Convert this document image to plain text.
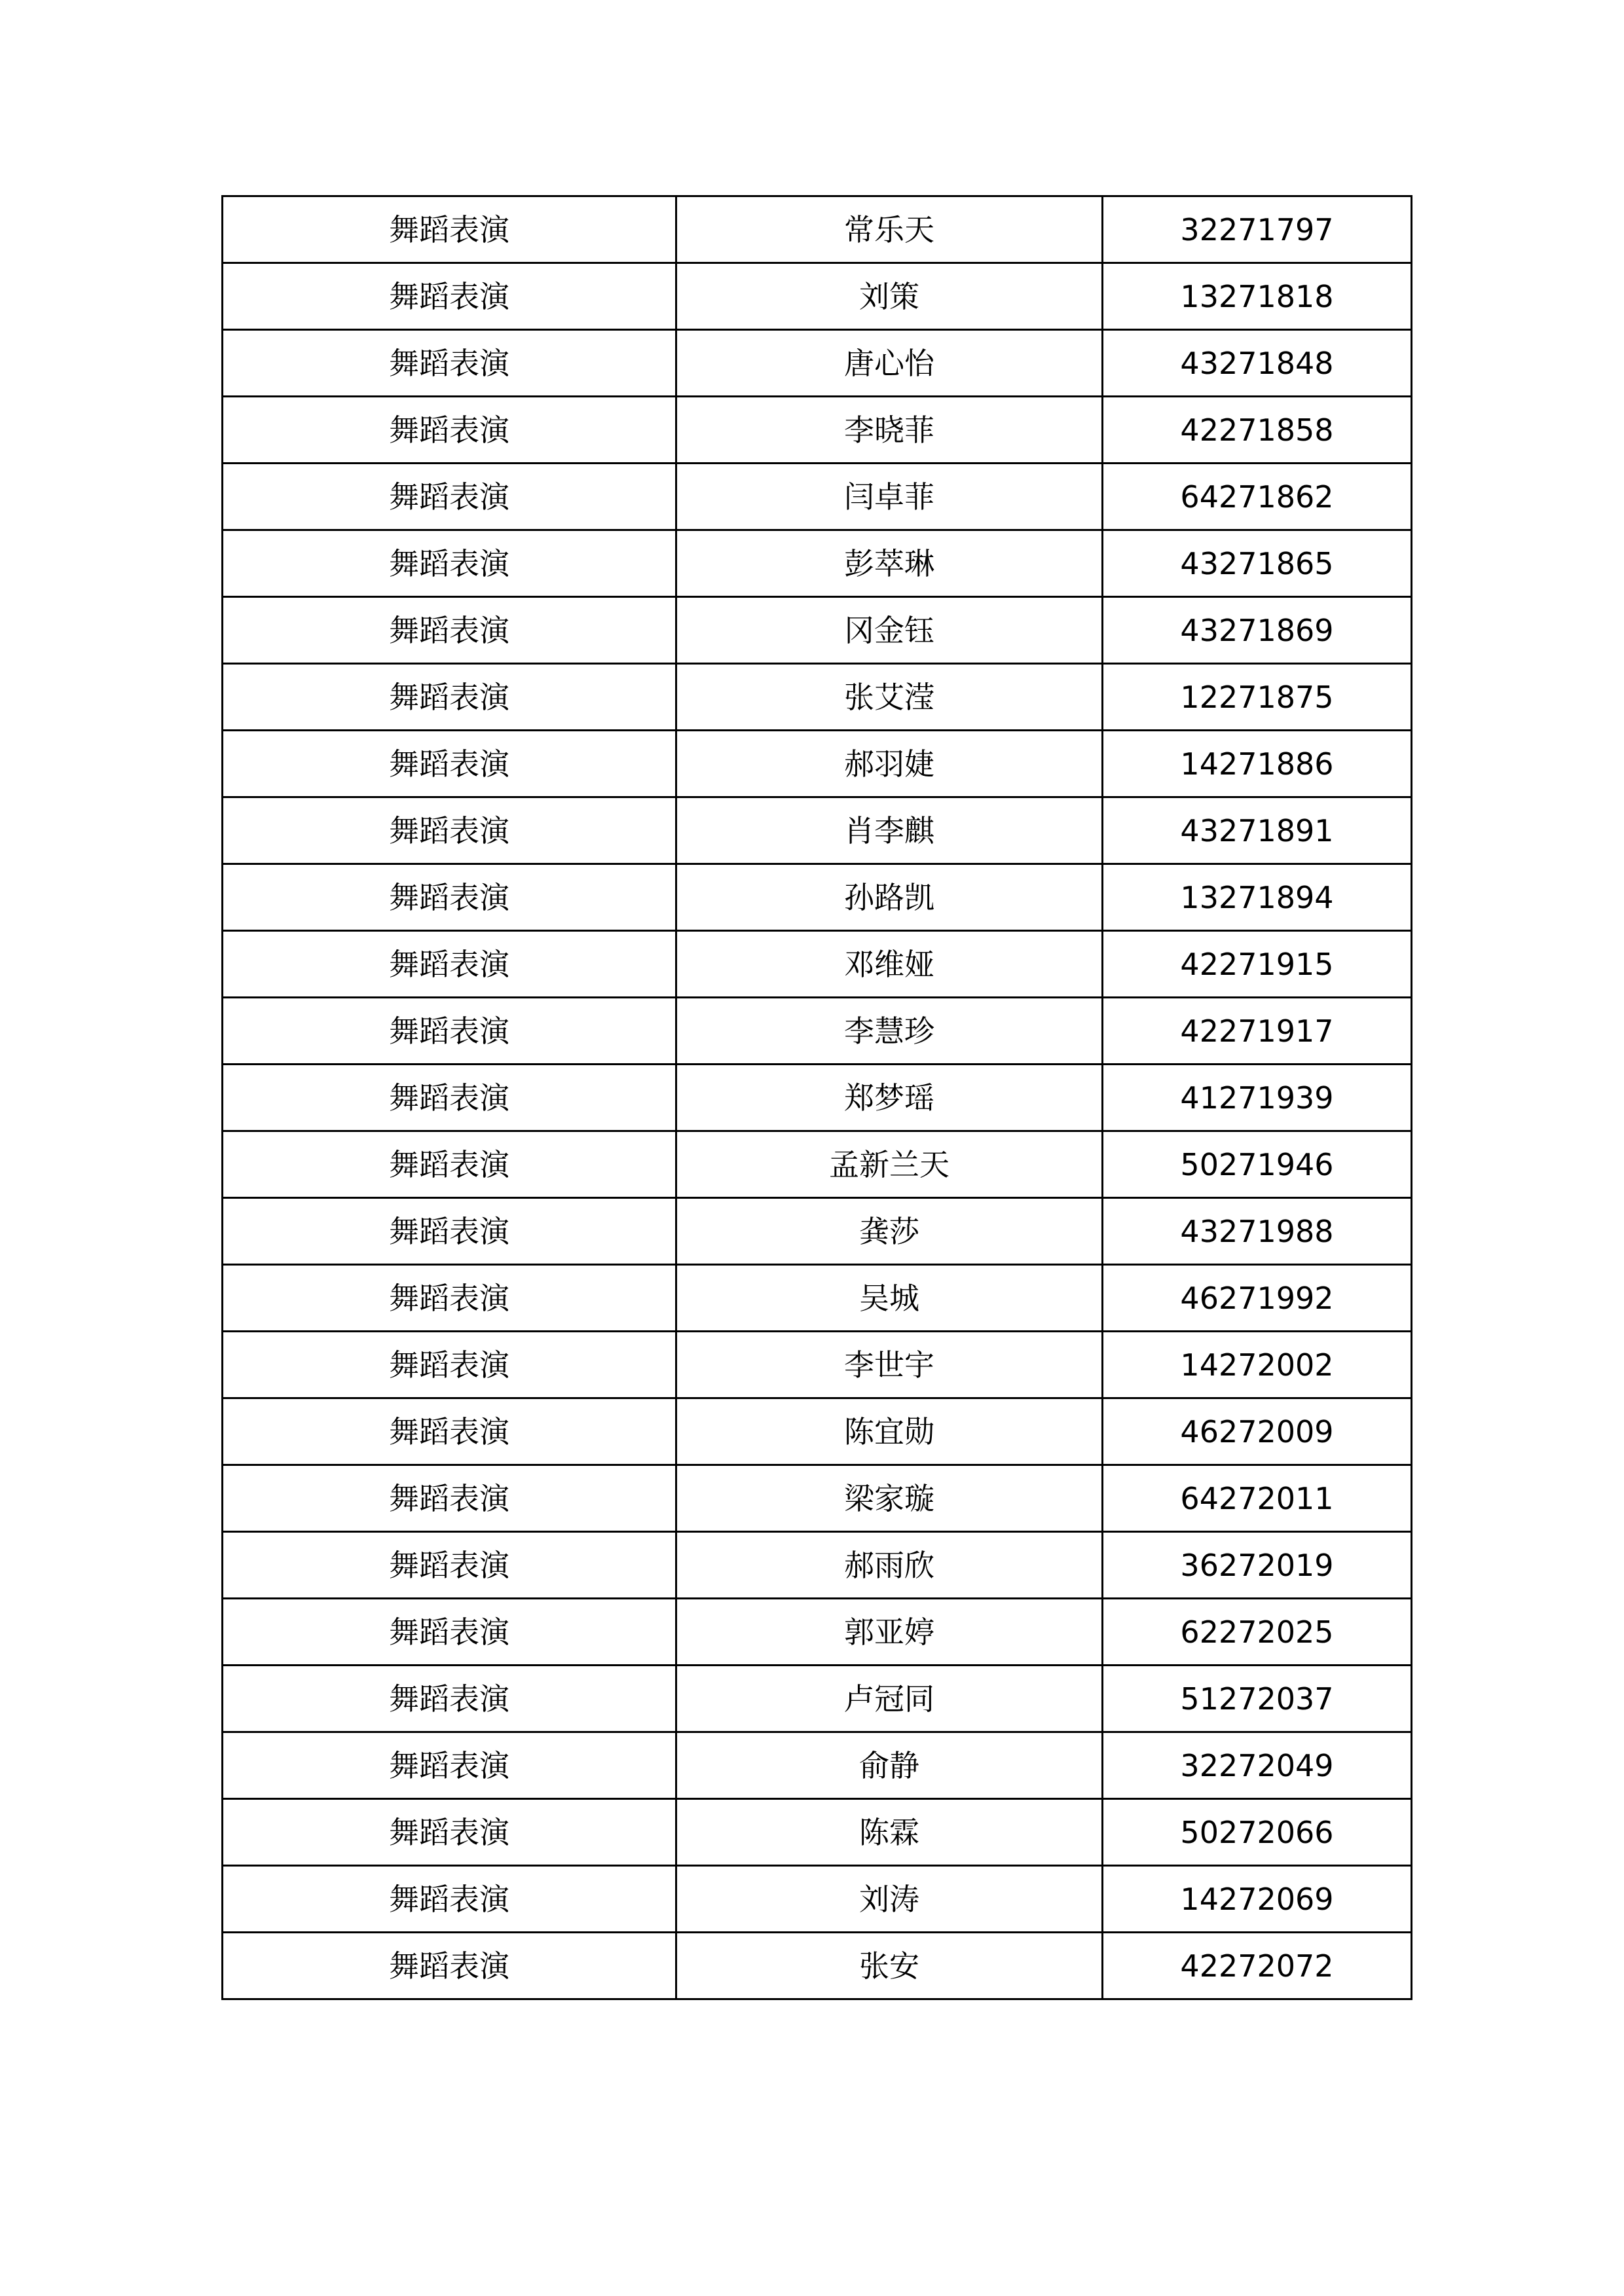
舞蹈表演	常乐天	32271797
舞蹈表演	刘策	13271818
舞蹈表演	唐心怡	43271848
舞蹈表演	李晓菲	42271858
舞蹈表演	闫卓菲	64271862
舞蹈表演	彭萃琳	43271865
舞蹈表演	冈金钰	43271869
舞蹈表演	张艾滢	12271875
舞蹈表演	郝羽婕	14271886
舞蹈表演	肖李麒	43271891
舞蹈表演	孙路凯	13271894
舞蹈表演	邓维娅	42271915
舞蹈表演	李慧珍	42271917
舞蹈表演	郑梦瑶	41271939
舞蹈表演	孟新兰天	50271946
舞蹈表演	龚莎	43271988
舞蹈表演	吴城	46271992
舞蹈表演	李世宇	14272002
舞蹈表演	陈宜勋	46272009
舞蹈表演	梁家璇	64272011
舞蹈表演	郝雨欣	36272019
舞蹈表演	郭亚婷	62272025
舞蹈表演	卢冠同	51272037
舞蹈表演	俞静	32272049
舞蹈表演	陈霖	50272066
舞蹈表演	刘涛	14272069
舞蹈表演	张安	42272072
